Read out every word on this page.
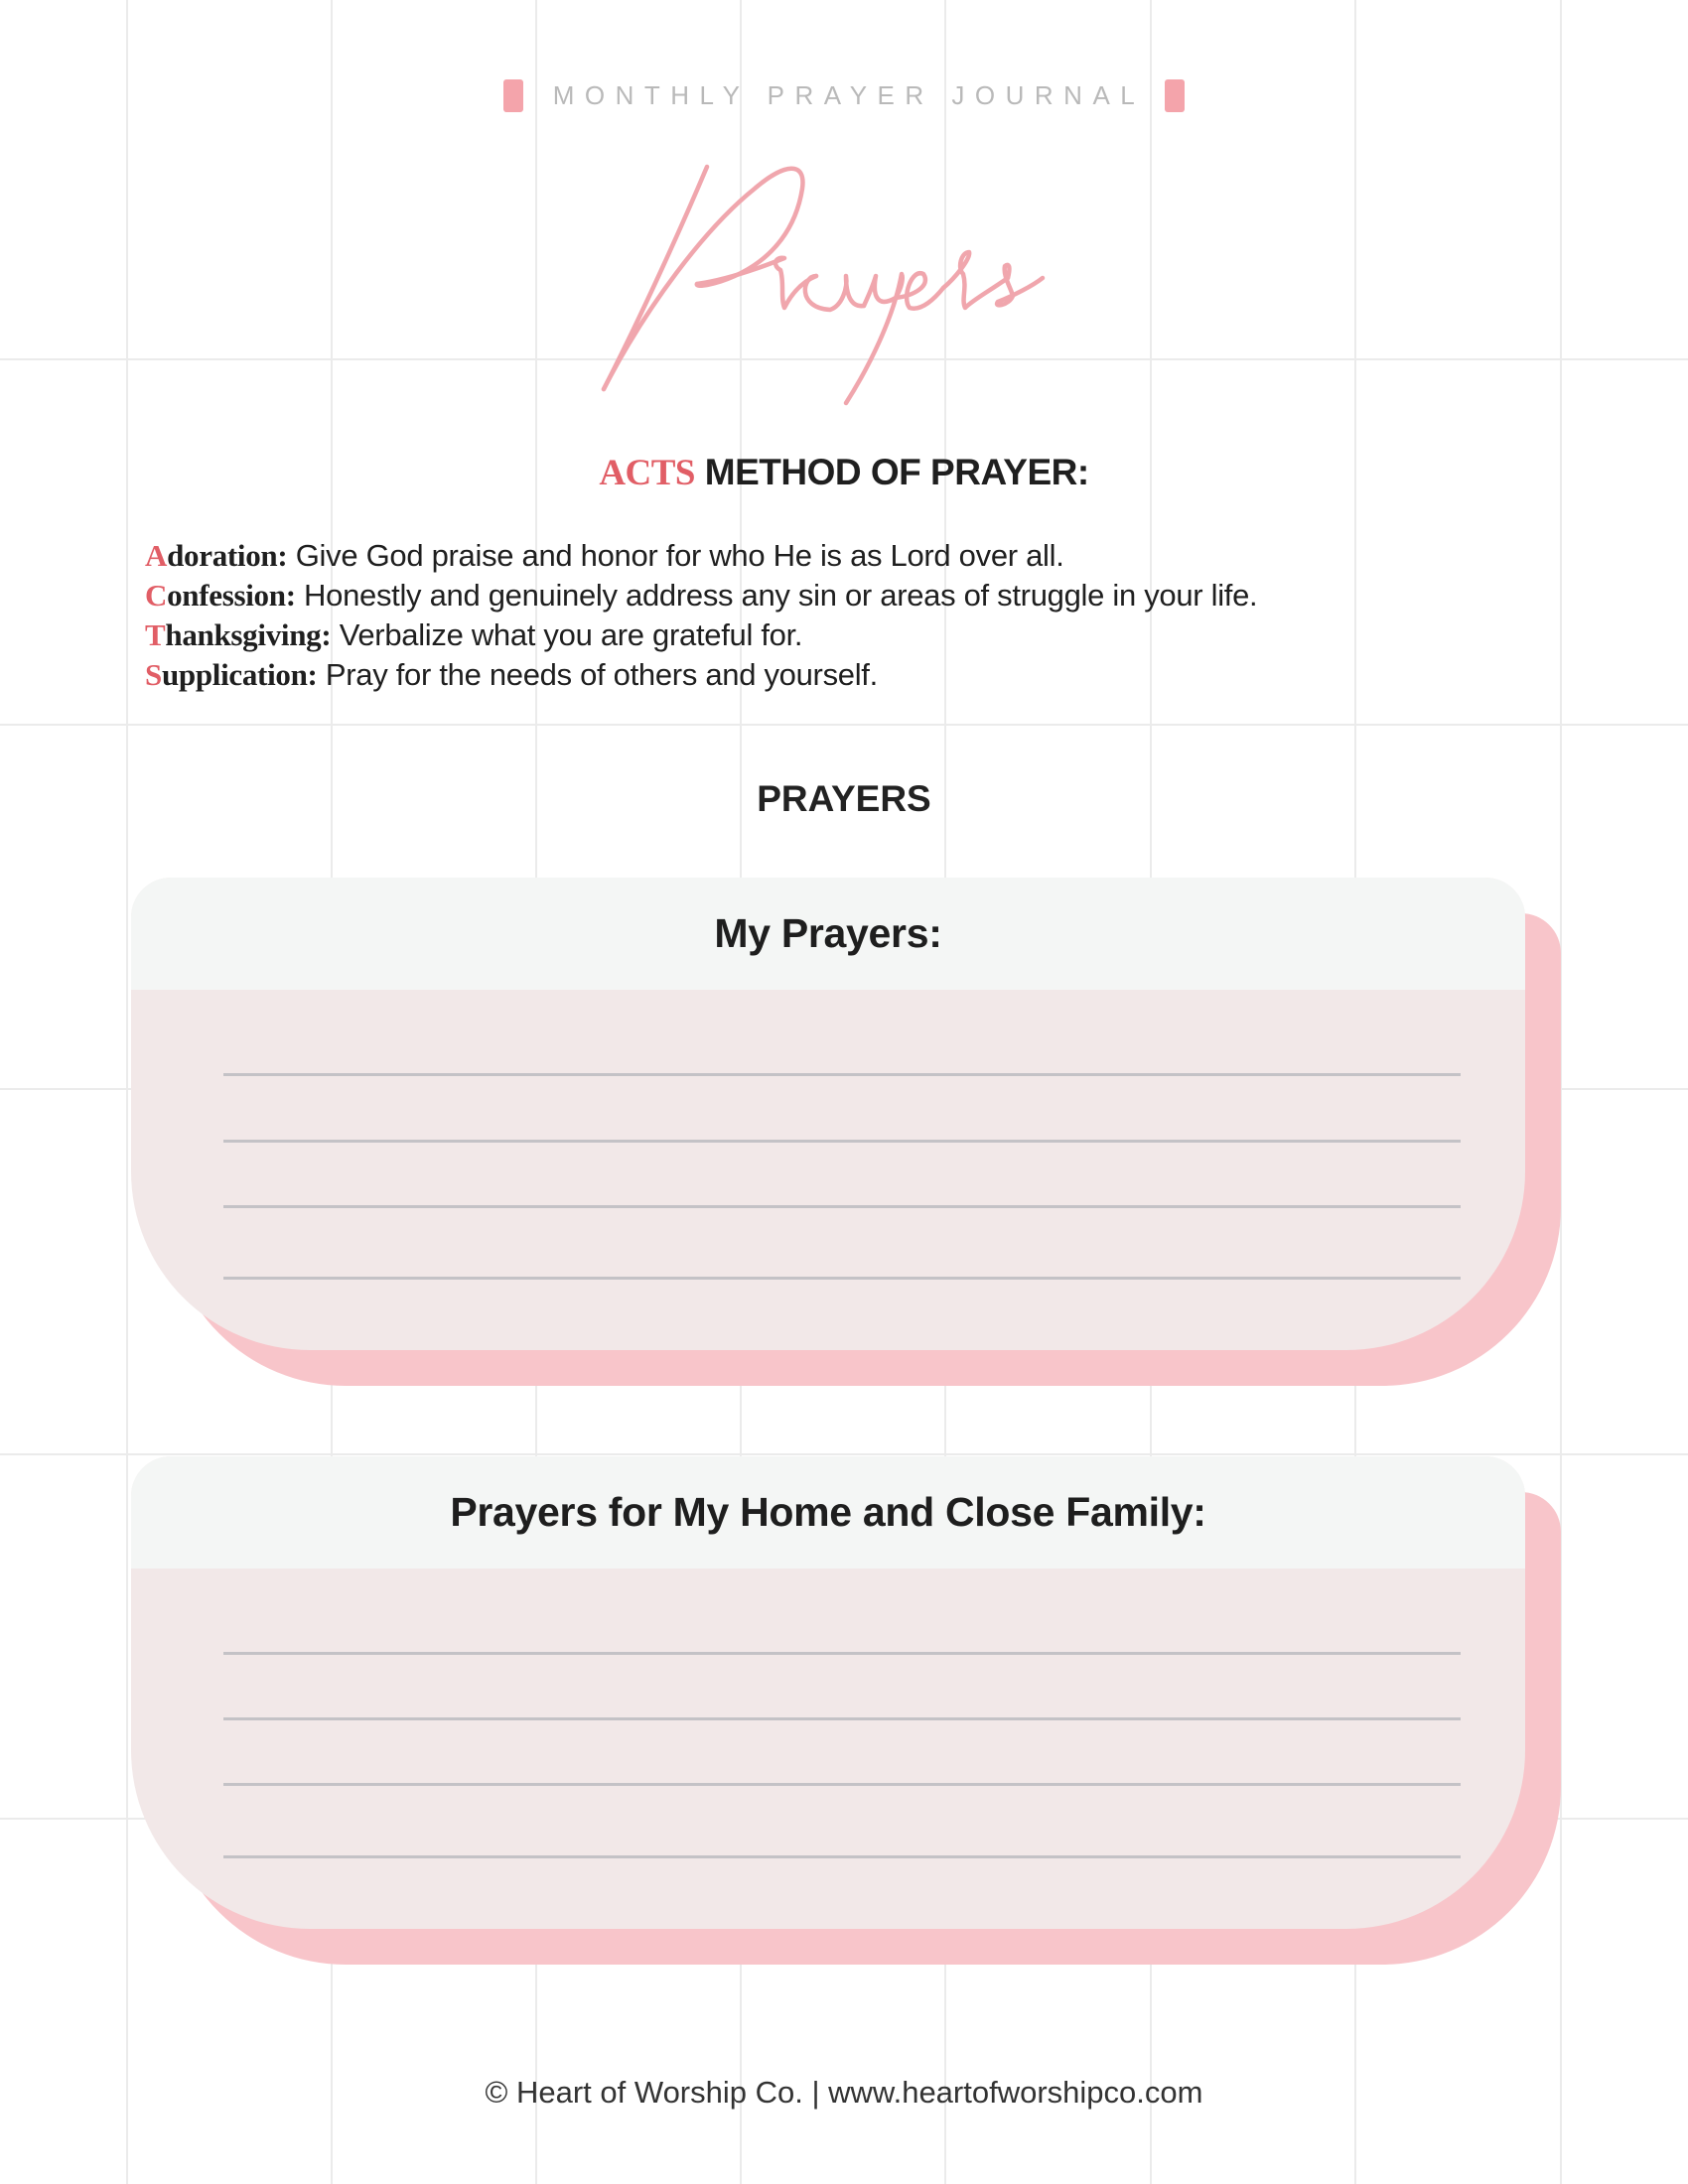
MONTHLY PRAYER JOURNAL
ACTS METHOD OF PRAYER:
Adoration: Give God praise and honor for who He is as Lord over all.
Confession: Honestly and genuinely address any sin or areas of struggle in your life.
Thanksgiving: Verbalize what you are grateful for.
Supplication: Pray for the needs of others and yourself.
PRAYERS
My Prayers:
Prayers for My Home and Close Family:
© Heart of Worship Co. | www.heartofworshipco.com
